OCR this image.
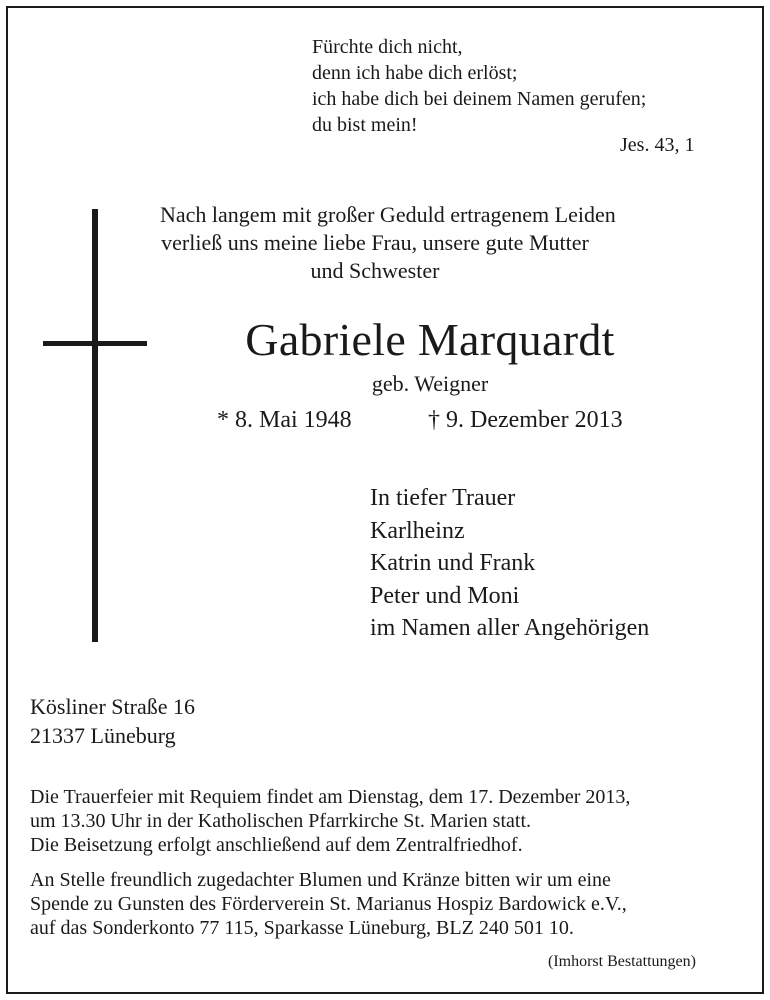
Fürchte dich nicht,
denn ich habe dich erlöst;
ich habe dich bei deinem Namen gerufen;
du bist mein!
Jes. 43, 1
Nach langem mit großer Geduld ertragenem Leiden
verließ uns meine liebe Frau, unsere gute Mutter
und Schwester
Gabriele Marquardt
geb. Weigner
* 8. Mai 1948	† 9. Dezember 2013
In tiefer Trauer
Karlheinz
Katrin und Frank
Peter und Moni
im Namen aller Angehörigen
Kösliner Straße 16
21337 Lüneburg
Die Trauerfeier mit Requiem findet am Dienstag, dem 17. Dezember 2013,
um 13.30 Uhr in der Katholischen Pfarrkirche St. Marien statt.
Die Beisetzung erfolgt anschließend auf dem Zentralfriedhof.
An Stelle freundlich zugedachter Blumen und Kränze bitten wir um eine
Spende zu Gunsten des Förderverein St. Marianus Hospiz Bardowick e.V.,
auf das Sonderkonto 77 115, Sparkasse Lüneburg, BLZ 240 501 10.
(Imhorst Bestattungen)
